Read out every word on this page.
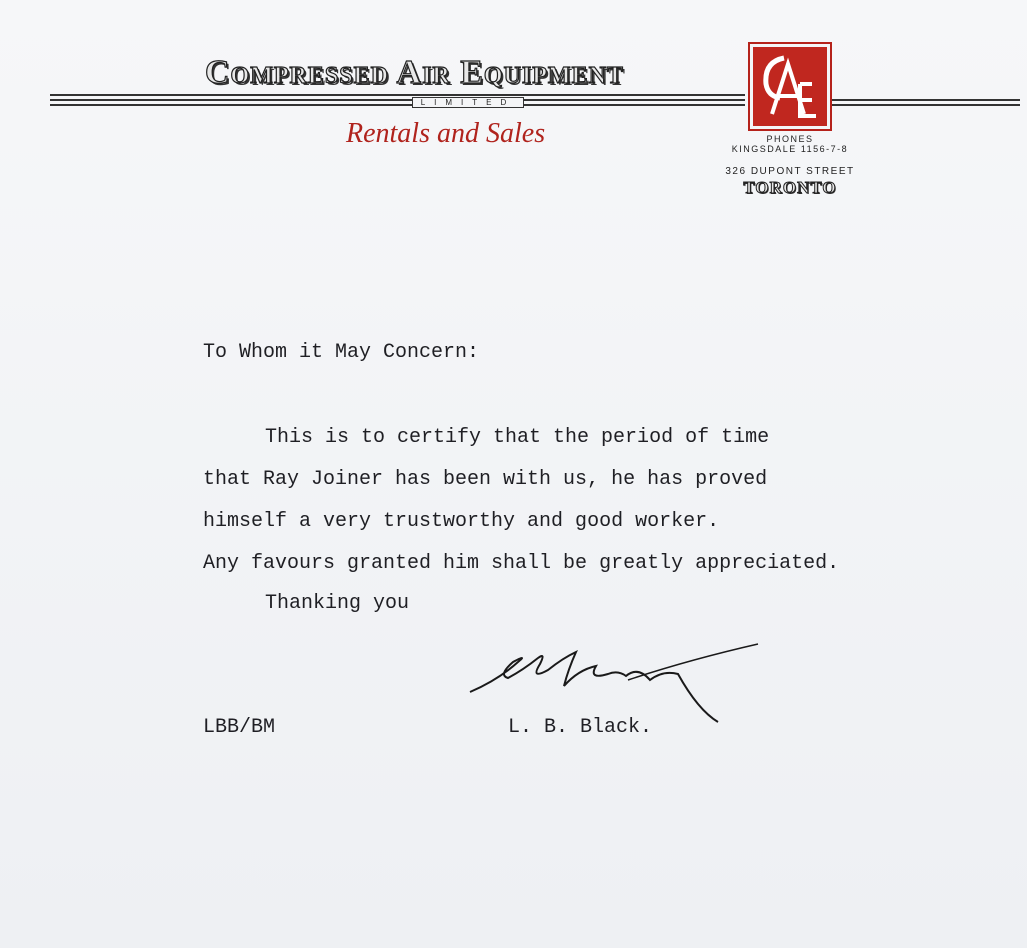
Compressed Air Equipment
LIMITED
Rentals and Sales	PHONES
KINGSDALE 1156-7-8
326 DUPONT STREET
TORONTO
To Whom it May Concern:
This is to certify that the period of time
that Ray Joiner has been with us, he has proved
himself a very trustworthy and good worker.
Any favours granted him shall be greatly appreciated.
Thanking you
LBB/BM	L. B. Black.
